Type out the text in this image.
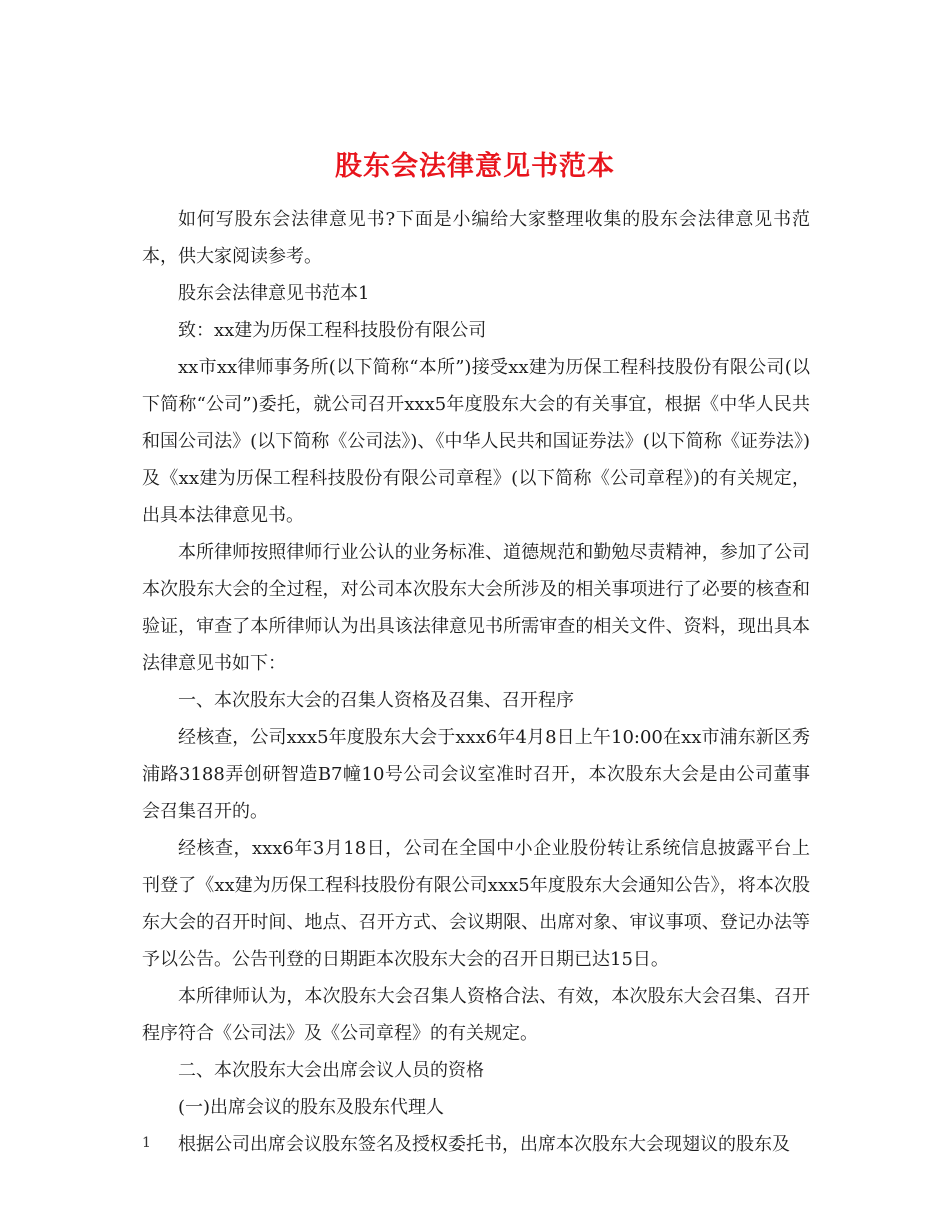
股东会法律意见书范本

如何写股东会法律意见书?下面是小编给大家整理收集的股东会法律意见书范本，供大家阅读参考。

股东会法律意见书范本1

致：xx建为历保工程科技股份有限公司

xx市xx律师事务所(以下简称“本所”)接受xx建为历保工程科技股份有限公司(以下简称“公司”)委托，就公司召开xxx5年度股东大会的有关事宜，根据《中华人民共和国公司法》(以下简称《公司法》)、《中华人民共和国证券法》(以下简称《证券法》)及《xx建为历保工程科技股份有限公司章程》(以下简称《公司章程》)的有关规定，出具本法律意见书。

本所律师按照律师行业公认的业务标准、道德规范和勤勉尽责精神，参加了公司本次股东大会的全过程，对公司本次股东大会所涉及的相关事项进行了必要的核查和验证，审查了本所律师认为出具该法律意见书所需审查的相关文件、资料，现出具本法律意见书如下：

一、本次股东大会的召集人资格及召集、召开程序

经核查，公司xxx5年度股东大会于xxx6年4月8日上午10:00在xx市浦东新区秀浦路3188弄创研智造B7幢10号公司会议室准时召开，本次股东大会是由公司董事会召集召开的。

经核查，xxx6年3月18日，公司在全国中小企业股份转让系统信息披露平台上刊登了《xx建为历保工程科技股份有限公司xxx5年度股东大会通知公告》，将本次股东大会的召开时间、地点、召开方式、会议期限、出席对象、审议事项、登记办法等予以公告。公告刊登的日期距本次股东大会的召开日期已达15日。

本所律师认为，本次股东大会召集人资格合法、有效，本次股东大会召集、召开程序符合《公司法》及《公司章程》的有关规定。

二、本次股东大会出席会议人员的资格

(一)出席会议的股东及股东代理人

根据公司出席会议股东签名及授权委托书，出席本次股东大会现翅议的股东及

1
